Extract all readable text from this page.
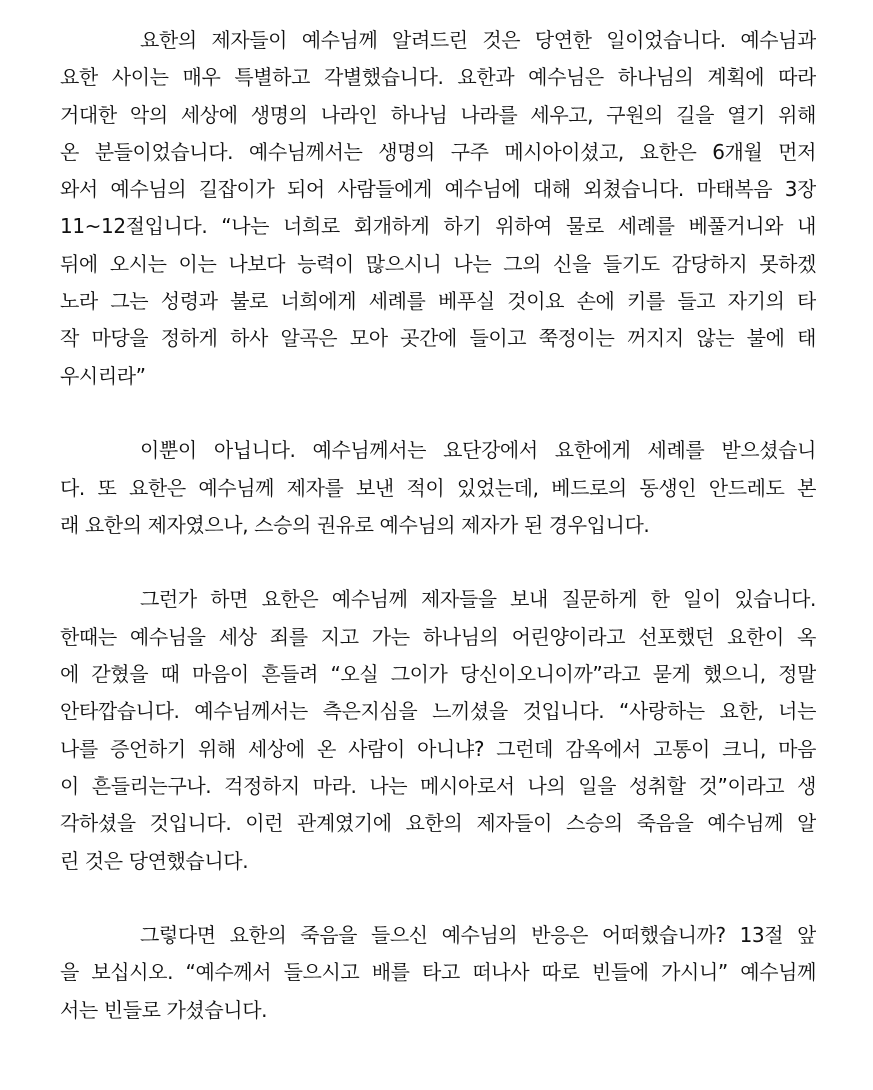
요한의 제자들이 예수님께 알려드린 것은 당연한 일이었습니다. 예수님과
요한 사이는 매우 특별하고 각별했습니다. 요한과 예수님은 하나님의 계획에 따라
거대한 악의 세상에 생명의 나라인 하나님 나라를 세우고, 구원의 길을 열기 위해
온 분들이었습니다. 예수님께서는 생명의 구주 메시아이셨고, 요한은 6개월 먼저
와서 예수님의 길잡이가 되어 사람들에게 예수님에 대해 외쳤습니다. 마태복음 3장
11~12절입니다. “나는 너희로 회개하게 하기 위하여 물로 세례를 베풀거니와 내
뒤에 오시는 이는 나보다 능력이 많으시니 나는 그의 신을 들기도 감당하지 못하겠
노라 그는 성령과 불로 너희에게 세례를 베푸실 것이요 손에 키를 들고 자기의 타
작 마당을 정하게 하사 알곡은 모아 곳간에 들이고 쭉정이는 꺼지지 않는 불에 태
우시리라”
이뿐이 아닙니다. 예수님께서는 요단강에서 요한에게 세례를 받으셨습니
다. 또 요한은 예수님께 제자를 보낸 적이 있었는데, 베드로의 동생인 안드레도 본
래 요한의 제자였으나, 스승의 권유로 예수님의 제자가 된 경우입니다.
그런가 하면 요한은 예수님께 제자들을 보내 질문하게 한 일이 있습니다.
한때는 예수님을 세상 죄를 지고 가는 하나님의 어린양이라고 선포했던 요한이 옥
에 갇혔을 때 마음이 흔들려 “오실 그이가 당신이오니이까”라고 묻게 했으니, 정말
안타깝습니다. 예수님께서는 측은지심을 느끼셨을 것입니다. “사랑하는 요한, 너는
나를 증언하기 위해 세상에 온 사람이 아니냐? 그런데 감옥에서 고통이 크니, 마음
이 흔들리는구나. 걱정하지 마라. 나는 메시아로서 나의 일을 성취할 것”이라고 생
각하셨을 것입니다. 이런 관계였기에 요한의 제자들이 스승의 죽음을 예수님께 알
린 것은 당연했습니다.
그렇다면 요한의 죽음을 들으신 예수님의 반응은 어떠했습니까? 13절 앞
을 보십시오. “예수께서 들으시고 배를 타고 떠나사 따로 빈들에 가시니” 예수님께
서는 빈들로 가셨습니다.
